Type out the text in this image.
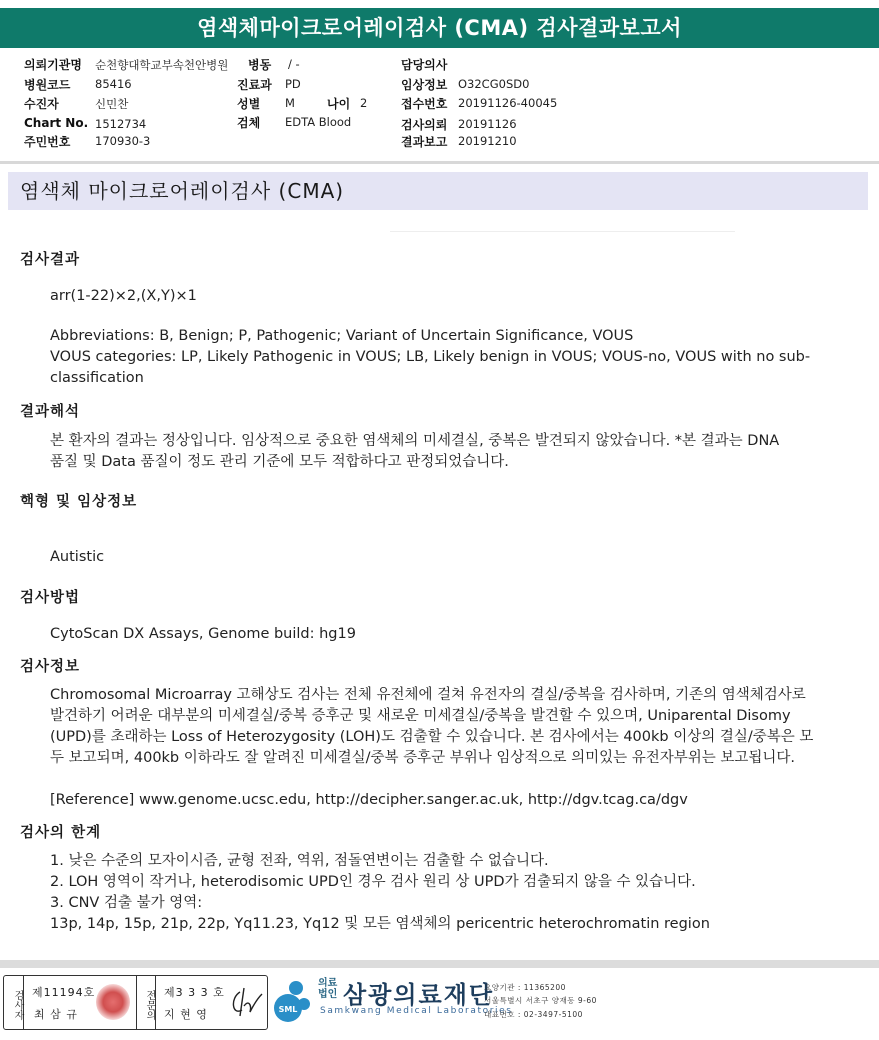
염색체마이크로어레이검사 (CMA) 검사결과보고서
의뢰기관명 순천향대학교부속천안병원 병동 / -	담당의사
병원코드 85416	진료과 PD	임상정보 O32CG0SD0
수진자	신민찬	성별 M	나이 2	접수번호 20191126-40045
Chart No. 1512734	검체 EDTA Blood	검사의뢰 20191126
주민번호 170930-3	결과보고 20191210
염색체 마이크로어레이검사 (CMA)
검사결과
arr(1-22)×2,(X,Y)×1
Abbreviations: B, Benign; P, Pathogenic; Variant of Uncertain Significance, VOUS
VOUS categories: LP, Likely Pathogenic in VOUS; LB, Likely benign in VOUS; VOUS-no, VOUS with no sub-
classification
결과해석
본 환자의 결과는 정상입니다. 임상적으로 중요한 염색체의 미세결실, 중복은 발견되지 않았습니다. *본 결과는 DNA
품질 및 Data 품질이 정도 관리 기준에 모두 적합하다고 판정되었습니다.
핵형 및 임상정보
Autistic
검사방법
CytoScan DX Assays, Genome build: hg19
검사정보
Chromosomal Microarray 고해상도 검사는 전체 유전체에 걸쳐 유전자의 결실/중복을 검사하며, 기존의 염색체검사로
발견하기 어려운 대부분의 미세결실/중복 증후군 및 새로운 미세결실/중복을 발견할 수 있으며, Uniparental Disomy
(UPD)를 초래하는 Loss of Heterozygosity (LOH)도 검출할 수 있습니다. 본 검사에서는 400kb 이상의 결실/중복은 모
두 보고되며, 400kb 이하라도 잘 알려진 미세결실/중복 증후군 부위나 임상적으로 의미있는 유전자부위는 보고됩니다.
[Reference] www.genome.ucsc.edu, http://decipher.sanger.ac.uk, http://dgv.tcag.ca/dgv
검사의 한계
1. 낮은 수준의 모자이시즘, 균형 전좌, 역위, 점돌연변이는 검출할 수 없습니다.
2. LOH 영역이 작거나, heterodisomic UPD인 경우 검사 원리 상 UPD가 검출되지 않을 수 있습니다.
3. CNV 검출 불가 영역:
13p, 14p, 15p, 21p, 22p, Yq11.23, Yq12 및 모든 염색체의 pericentric heterochromatin region
검사자 제11194호
최 삼 규	전문의 제3 3 3 호
지 현 영	SML
의료
법인 삼광의료재단
Samkwang Medical Laboratories
요양기관 : 11365200
서울특별시 서초구 양재동 9-60
대표번호 : 02-3497-5100
